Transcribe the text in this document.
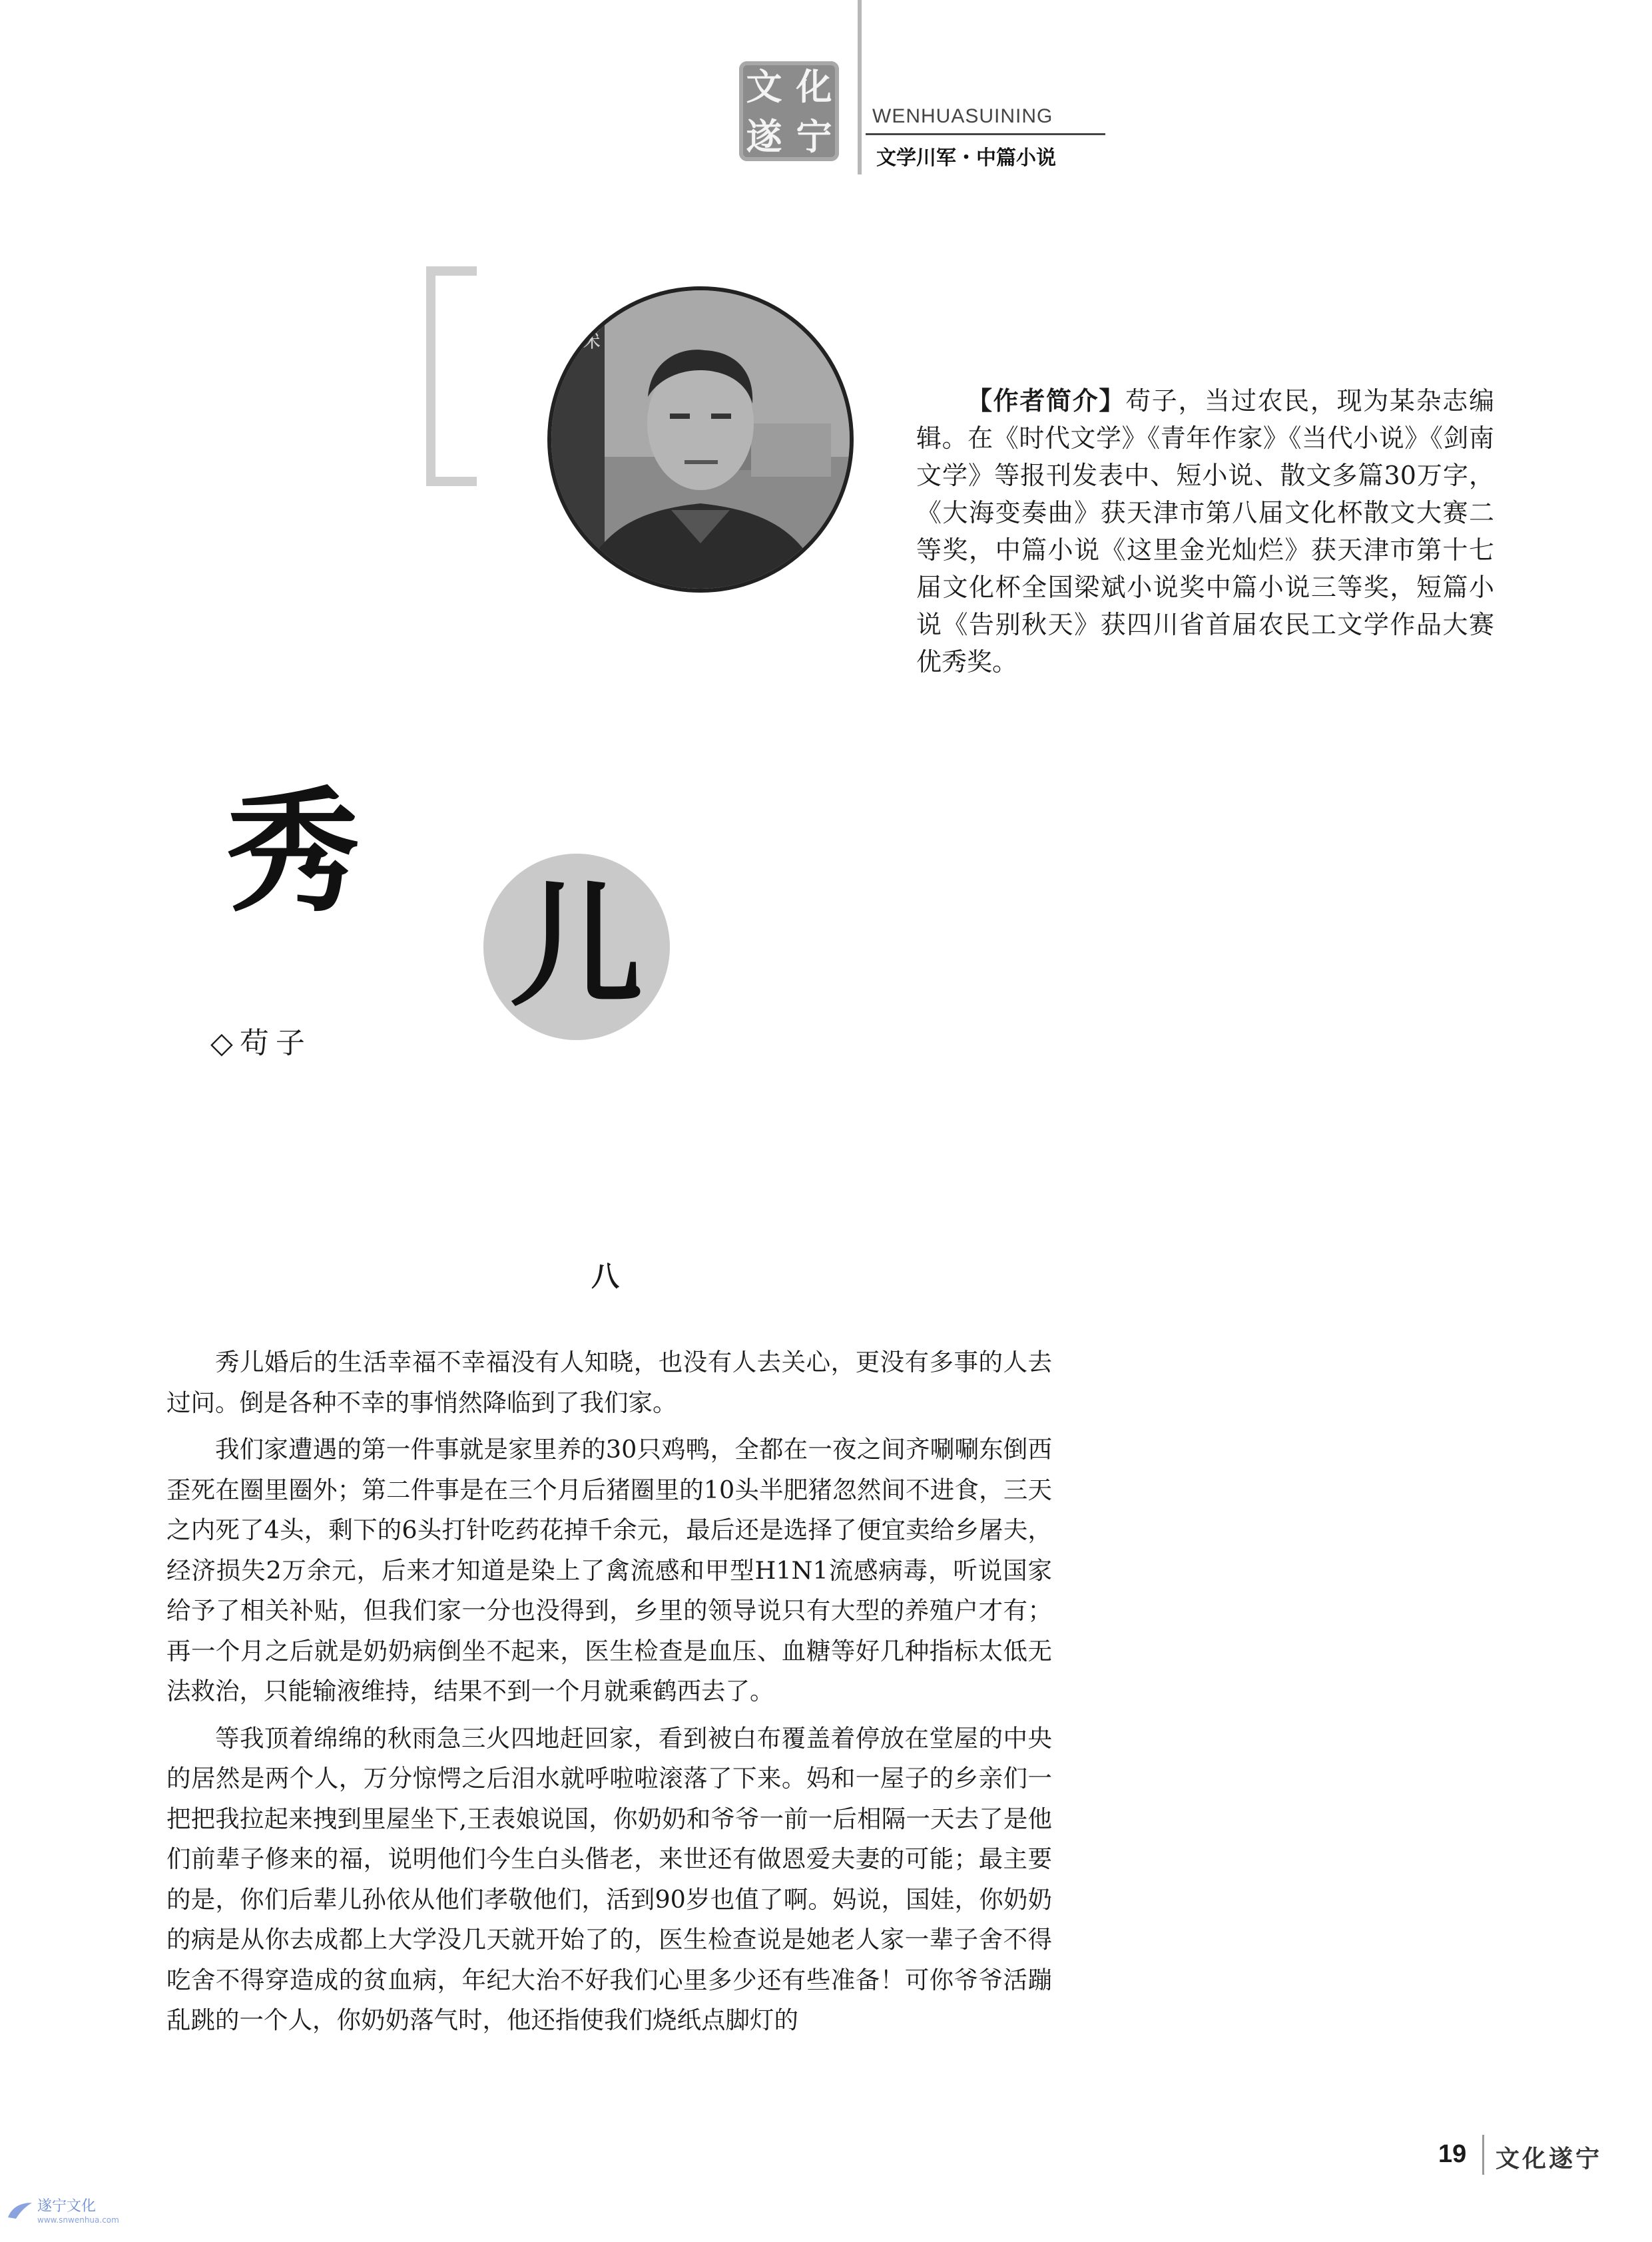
文 化
遂 宁 WENHUASUINING
文学川军・中篇小说
青深
【作者简介】苟子，当过农民，现为某杂志编辑。在《时代文学》《青年作家》《当代小说》《剑南文学》等报刊发表中、短小说、散文多篇30万字，《大海变奏曲》获天津市第八届文化杯散文大赛二等奖，中篇小说《这里金光灿烂》获天津市第十七届文化杯全国梁斌小说奖中篇小说三等奖，短篇小说《告别秋天》获四川省首届农民工文学作品大赛优秀奖。
秀
儿
◇苟子
八

秀儿婚后的生活幸福不幸福没有人知晓，也没有人去关心，更没有多事的人去过问。倒是各种不幸的事悄然降临到了我们家。

我们家遭遇的第一件事就是家里养的30只鸡鸭，全都在一夜之间齐唰唰东倒西歪死在圈里圈外；第二件事是在三个月后猪圈里的10头半肥猪忽然间不进食，三天之内死了4头，剩下的6头打针吃药花掉千余元，最后还是选择了便宜卖给乡屠夫，经济损失2万余元，后来才知道是染上了禽流感和甲型H1N1流感病毒，听说国家给予了相关补贴，但我们家一分也没得到，乡里的领导说只有大型的养殖户才有；再一个月之后就是奶奶病倒坐不起来，医生检查是血压、血糖等好几种指标太低无法救治，只能输液维持，结果不到一个月就乘鹤西去了。

等我顶着绵绵的秋雨急三火四地赶回家，看到被白布覆盖着停放在堂屋的中央的居然是两个人，万分惊愕之后泪水就呼啦啦滚落了下来。妈和一屋子的乡亲们一把把我拉起来拽到里屋坐下,王表娘说国，你奶奶和爷爷一前一后相隔一天去了是他们前辈子修来的福，说明他们今生白头偕老，来世还有做恩爱夫妻的可能；最主要的是，你们后辈儿孙依从他们孝敬他们，活到90岁也值了啊。妈说，国娃，你奶奶的病是从你去成都上大学没几天就开始了的，医生检查说是她老人家一辈子舍不得吃舍不得穿造成的贫血病，年纪大治不好我们心里多少还有些准备！可你爷爷活蹦乱跳的一个人，你奶奶落气时，他还指使我们烧纸点脚灯的

19 文化遂宁
遂宁文化
www.snwenhua.com
